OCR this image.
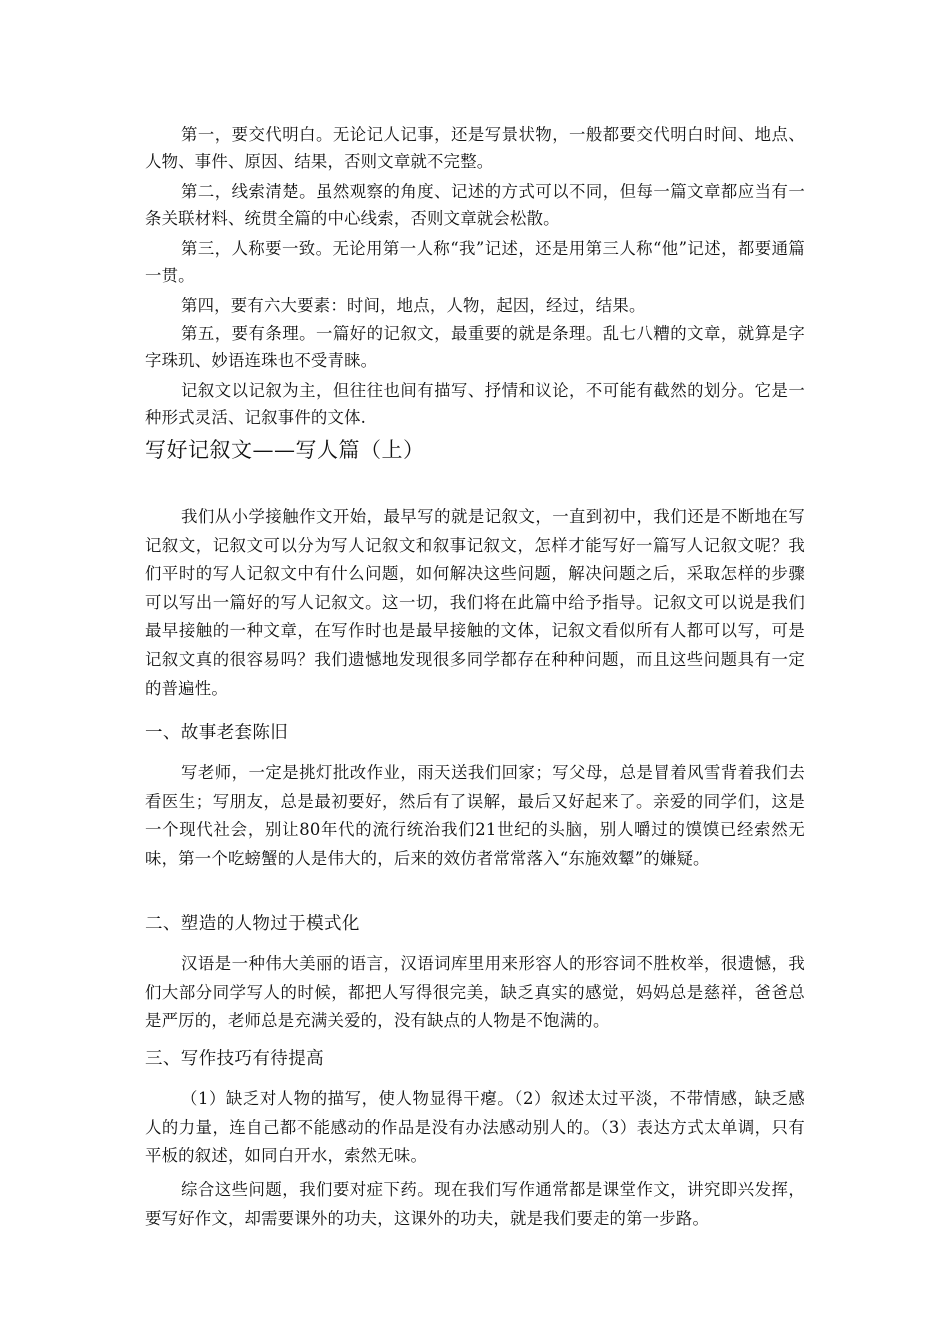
第一，要交代明白。无论记人记事，还是写景状物，一般都要交代明白时间、地点、人物、事件、原因、结果，否则文章就不完整。

第二，线索清楚。虽然观察的角度、记述的方式可以不同，但每一篇文章都应当有一条关联材料、统贯全篇的中心线索，否则文章就会松散。

第三，人称要一致。无论用第一人称“我”记述，还是用第三人称“他”记述，都要通篇一贯。

第四，要有六大要素：时间，地点，人物，起因，经过，结果。

第五，要有条理。一篇好的记叙文，最重要的就是条理。乱七八糟的文章，就算是字字珠玑、妙语连珠也不受青睐。

记叙文以记叙为主，但往往也间有描写、抒情和议论，不可能有截然的划分。它是一种形式灵活、记叙事件的文体.

写好记叙文——写人篇（上）

我们从小学接触作文开始，最早写的就是记叙文，一直到初中，我们还是不断地在写记叙文，记叙文可以分为写人记叙文和叙事记叙文，怎样才能写好一篇写人记叙文呢？我们平时的写人记叙文中有什么问题，如何解决这些问题，解决问题之后，采取怎样的步骤可以写出一篇好的写人记叙文。这一切，我们将在此篇中给予指导。记叙文可以说是我们最早接触的一种文章，在写作时也是最早接触的文体，记叙文看似所有人都可以写，可是记叙文真的很容易吗？我们遗憾地发现很多同学都存在种种问题，而且这些问题具有一定的普遍性。

一、故事老套陈旧

写老师，一定是挑灯批改作业，雨天送我们回家；写父母，总是冒着风雪背着我们去看医生；写朋友，总是最初要好，然后有了误解，最后又好起来了。亲爱的同学们，这是一个现代社会，别让80年代的流行统治我们21世纪的头脑，别人嚼过的馍馍已经索然无味，第一个吃螃蟹的人是伟大的，后来的效仿者常常落入“东施效颦”的嫌疑。

二、塑造的人物过于模式化

汉语是一种伟大美丽的语言，汉语词库里用来形容人的形容词不胜枚举，很遗憾，我们大部分同学写人的时候，都把人写得很完美，缺乏真实的感觉，妈妈总是慈祥，爸爸总是严厉的，老师总是充满关爱的，没有缺点的人物是不饱满的。

三、写作技巧有待提高

（1）缺乏对人物的描写，使人物显得干瘪。（2）叙述太过平淡，不带情感，缺乏感人的力量，连自己都不能感动的作品是没有办法感动别人的。（3）表达方式太单调，只有平板的叙述，如同白开水，索然无味。

综合这些问题，我们要对症下药。现在我们写作通常都是课堂作文，讲究即兴发挥，要写好作文，却需要课外的功夫，这课外的功夫，就是我们要走的第一步路。
